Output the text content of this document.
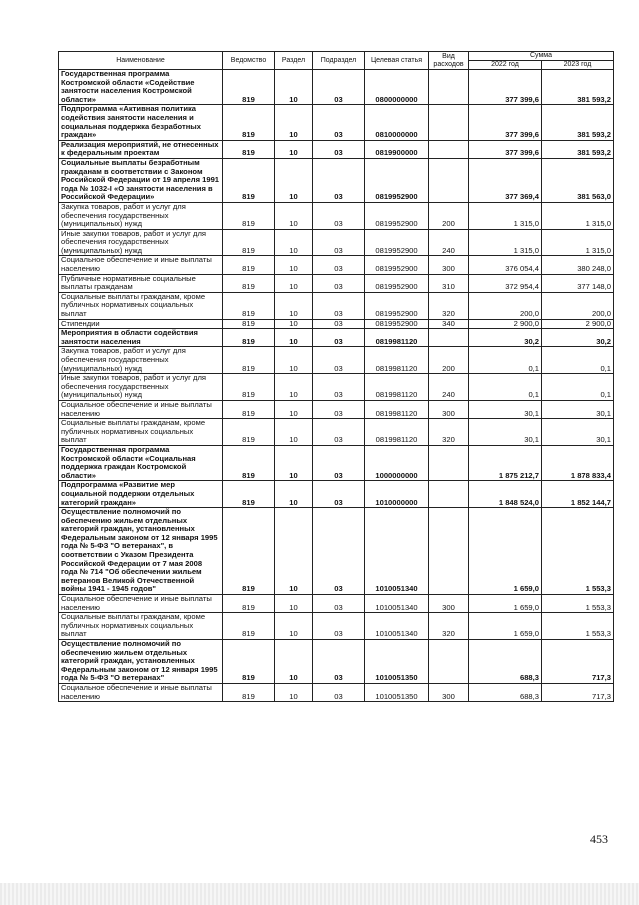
Наименование	Ведомство	Раздел	Подраздел	Целевая статья	Вид расходов	Сумма	
						2022 год	2023 год
Государственная программа Костромской области «Содействие занятости населения Костромской области»	819	10	03	0800000000		377 399,6	381 593,2
Подпрограмма «Активная политика содействия занятости населения и социальная поддержка безработных граждан»	819	10	03	0810000000		377 399,6	381 593,2
Реализация мероприятий, не отнесенных к федеральным проектам	819	10	03	0819900000		377 399,6	381 593,2
Социальные выплаты безработным гражданам в соответствии с Законом Российской Федерации от 19 апреля 1991 года № 1032-I «О занятости населения в Российской Федерации»	819	10	03	0819952900		377 369,4	381 563,0
Закупка товаров, работ и услуг для обеспечения государственных (муниципальных) нужд	819	10	03	0819952900	200	1 315,0	1 315,0
Иные закупки товаров, работ и услуг для обеспечения государственных (муниципальных) нужд	819	10	03	0819952900	240	1 315,0	1 315,0
Социальное обеспечение и иные выплаты населению	819	10	03	0819952900	300	376 054,4	380 248,0
Публичные нормативные социальные выплаты гражданам	819	10	03	0819952900	310	372 954,4	377 148,0
Социальные выплаты гражданам, кроме публичных нормативных социальных выплат	819	10	03	0819952900	320	200,0	200,0
Стипендии	819	10	03	0819952900	340	2 900,0	2 900,0
Мероприятия в области содействия занятости населения	819	10	03	0819981120		30,2	30,2
Закупка товаров, работ и услуг для обеспечения государственных (муниципальных) нужд	819	10	03	0819981120	200	0,1	0,1
Иные закупки товаров, работ и услуг для обеспечения государственных (муниципальных) нужд	819	10	03	0819981120	240	0,1	0,1
Социальное обеспечение и иные выплаты населению	819	10	03	0819981120	300	30,1	30,1
Социальные выплаты гражданам, кроме публичных нормативных социальных выплат	819	10	03	0819981120	320	30,1	30,1
Государственная программа Костромской области «Социальная поддержка граждан Костромской области»	819	10	03	1000000000		1 875 212,7	1 878 833,4
Подпрограмма «Развитие мер социальной поддержки отдельных категорий граждан»	819	10	03	1010000000		1 848 524,0	1 852 144,7
Осуществление полномочий по обеспечению жильем отдельных категорий граждан, установленных Федеральным законом от 12 января 1995 года № 5-ФЗ "О ветеранах", в соответствии с Указом Президента Российской Федерации от 7 мая 2008 года № 714 "Об обеспечении жильем ветеранов Великой Отечественной войны 1941 - 1945 годов"	819	10	03	1010051340		1 659,0	1 553,3
Социальное обеспечение и иные выплаты населению	819	10	03	1010051340	300	1 659,0	1 553,3
Социальные выплаты гражданам, кроме публичных нормативных социальных выплат	819	10	03	1010051340	320	1 659,0	1 553,3
Осуществление полномочий по обеспечению жильем отдельных категорий граждан, установленных Федеральным законом от 12 января 1995 года № 5-ФЗ "О ветеранах"	819	10	03	1010051350		688,3	717,3
Социальное обеспечение и иные выплаты населению	819	10	03	1010051350	300	688,3	717,3
453
